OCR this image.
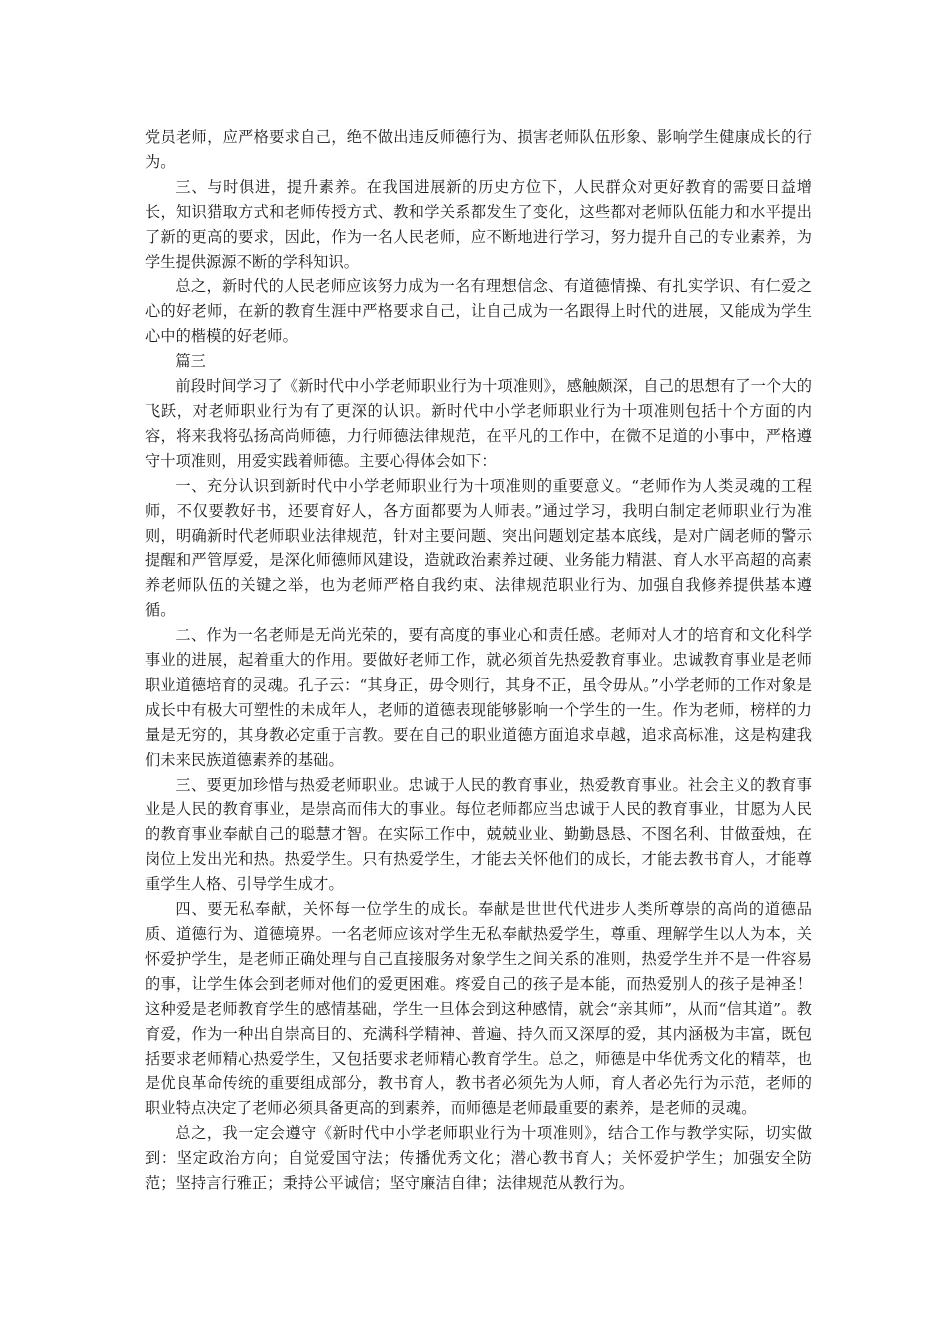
党员老师，应严格要求自己，绝不做出违反师德行为、损害老师队伍形象、影响学生健康成长的行为。

三、与时俱进，提升素养。在我国进展新的历史方位下，人民群众对更好教育的需要日益增长，知识猎取方式和老师传授方式、教和学关系都发生了变化，这些都对老师队伍能力和水平提出了新的更高的要求，因此，作为一名人民老师，应不断地进行学习，努力提升自己的专业素养，为学生提供源源不断的学科知识。

总之，新时代的人民老师应该努力成为一名有理想信念、有道德情操、有扎实学识、有仁爱之心的好老师，在新的教育生涯中严格要求自己，让自己成为一名跟得上时代的进展，又能成为学生心中的楷模的好老师。

篇三

前段时间学习了《新时代中小学老师职业行为十项准则》，感触颇深，自己的思想有了一个大的飞跃，对老师职业行为有了更深的认识。新时代中小学老师职业行为十项准则包括十个方面的内容，将来我将弘扬高尚师德，力行师德法律规范，在平凡的工作中，在微不足道的小事中，严格遵守十项准则，用爱实践着师德。主要心得体会如下：

一、充分认识到新时代中小学老师职业行为十项准则的重要意义。“老师作为人类灵魂的工程师，不仅要教好书，还要育好人，各方面都要为人师表。”通过学习，我明白制定老师职业行为准则，明确新时代老师职业法律规范，针对主要问题、突出问题划定基本底线，是对广阔老师的警示提醒和严管厚爱，是深化师德师风建设，造就政治素养过硬、业务能力精湛、育人水平高超的高素养老师队伍的关键之举，也为老师严格自我约束、法律规范职业行为、加强自我修养提供基本遵循。

二、作为一名老师是无尚光荣的，要有高度的事业心和责任感。老师对人才的培育和文化科学事业的进展，起着重大的作用。要做好老师工作，就必须首先热爱教育事业。忠诚教育事业是老师职业道德培育的灵魂。孔子云：“其身正，毋令则行，其身不正，虽令毋从。”小学老师的工作对象是成长中有极大可塑性的未成年人，老师的道德表现能够影响一个学生的一生。作为老师，榜样的力量是无穷的，其身教必定重于言教。要在自己的职业道德方面追求卓越，追求高标准，这是构建我们未来民族道德素养的基础。

三、要更加珍惜与热爱老师职业。忠诚于人民的教育事业，热爱教育事业。社会主义的教育事业是人民的教育事业，是崇高而伟大的事业。每位老师都应当忠诚于人民的教育事业，甘愿为人民的教育事业奉献自己的聪慧才智。在实际工作中，兢兢业业、勤勤恳恳、不图名利、甘做蚕烛，在岗位上发出光和热。热爱学生。只有热爱学生，才能去关怀他们的成长，才能去教书育人，才能尊重学生人格、引导学生成才。

四、要无私奉献，关怀每一位学生的成长。奉献是世世代代进步人类所尊崇的高尚的道德品质、道德行为、道德境界。一名老师应该对学生无私奉献热爱学生，尊重、理解学生以人为本，关怀爱护学生，是老师正确处理与自己直接服务对象学生之间关系的准则，热爱学生并不是一件容易的事，让学生体会到老师对他们的爱更困难。疼爱自己的孩子是本能，而热爱别人的孩子是神圣！这种爱是老师教育学生的感情基础，学生一旦体会到这种感情，就会“亲其师”，从而“信其道”。教育爱，作为一种出自崇高目的、充满科学精神、普遍、持久而又深厚的爱，其内涵极为丰富，既包括要求老师精心热爱学生，又包括要求老师精心教育学生。总之，师德是中华优秀文化的精萃，也是优良革命传统的重要组成部分，教书育人，教书者必须先为人师，育人者必先行为示范，老师的职业特点决定了老师必须具备更高的到素养，而师德是老师最重要的素养，是老师的灵魂。

总之，我一定会遵守《新时代中小学老师职业行为十项准则》，结合工作与教学实际，切实做到：坚定政治方向；自觉爱国守法；传播优秀文化；潜心教书育人；关怀爱护学生；加强安全防范；坚持言行雅正；秉持公平诚信；坚守廉洁自律；法律规范从教行为。
